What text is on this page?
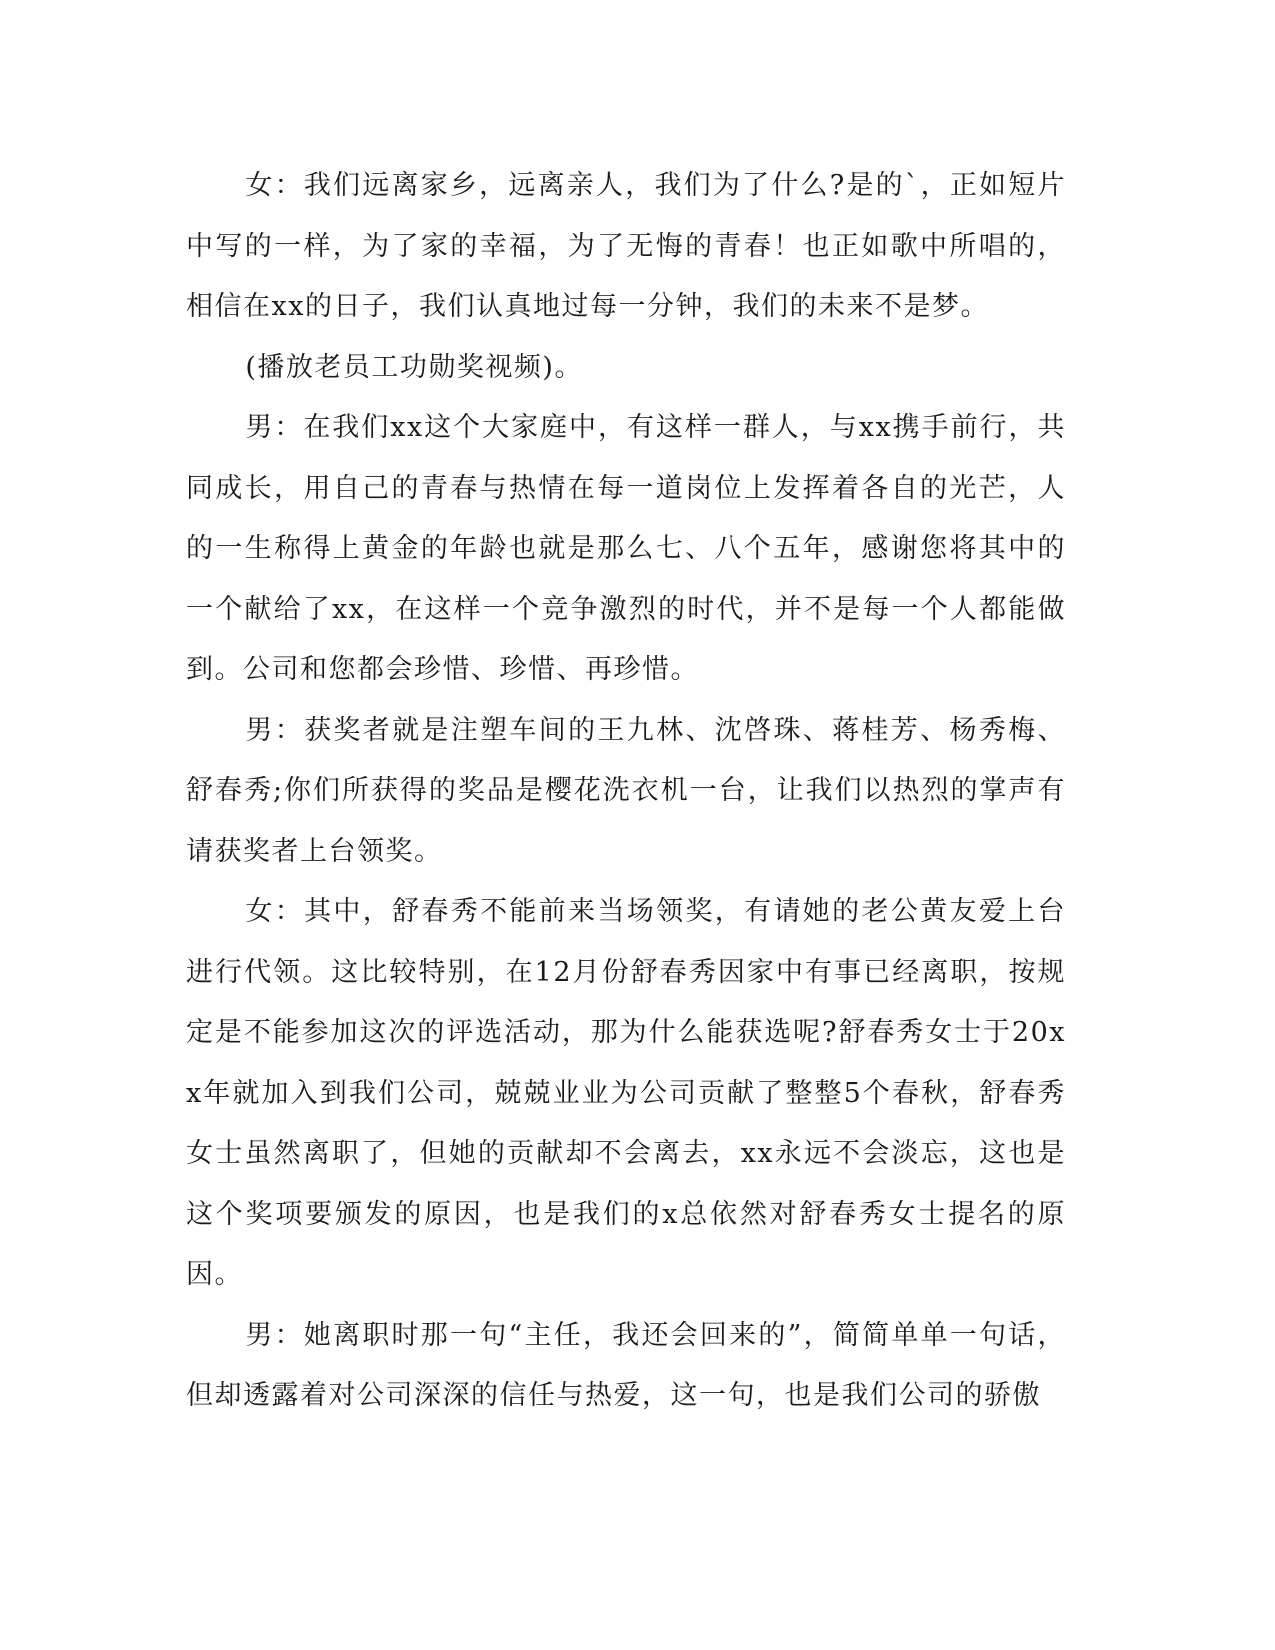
女：我们远离家乡，远离亲人，我们为了什么?是的`，正如短片中写的一样，为了家的幸福，为了无悔的青春！也正如歌中所唱的，相信在xx的日子，我们认真地过每一分钟，我们的未来不是梦。

(播放老员工功勋奖视频)。

男：在我们xx这个大家庭中，有这样一群人，与xx携手前行，共同成长，用自己的青春与热情在每一道岗位上发挥着各自的光芒，人的一生称得上黄金的年龄也就是那么七、八个五年，感谢您将其中的一个献给了xx，在这样一个竞争激烈的时代，并不是每一个人都能做到。公司和您都会珍惜、珍惜、再珍惜。

男：获奖者就是注塑车间的王九林、沈啓珠、蒋桂芳、杨秀梅、舒春秀;你们所获得的奖品是樱花洗衣机一台，让我们以热烈的掌声有请获奖者上台领奖。

女：其中，舒春秀不能前来当场领奖，有请她的老公黄友爱上台进行代领。这比较特别，在12月份舒春秀因家中有事已经离职，按规定是不能参加这次的评选活动，那为什么能获选呢?舒春秀女士于20xx年就加入到我们公司，兢兢业业为公司贡献了整整5个春秋，舒春秀女士虽然离职了，但她的贡献却不会离去，xx永远不会淡忘，这也是这个奖项要颁发的原因，也是我们的x总依然对舒春秀女士提名的原因。

男：她离职时那一句“主任，我还会回来的”，简简单单一句话，但却透露着对公司深深的信任与热爱，这一句，也是我们公司的骄傲
